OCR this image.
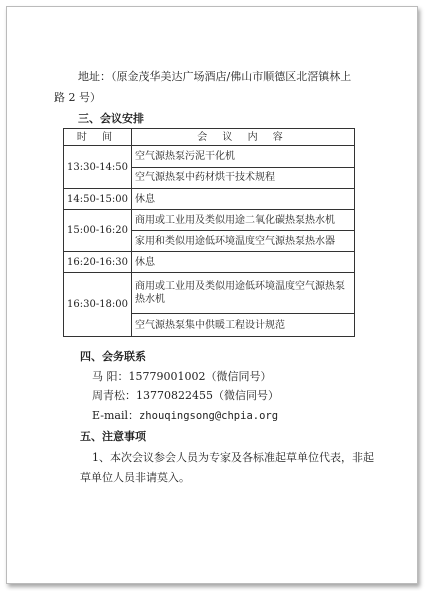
地址：（原金茂华美达广场酒店/佛山市顺德区北滘镇林上
路 2 号）
三、会议安排
时 间	会 议 内 容
13:30-14:50	空气源热泵污泥干化机
	空气源热泵中药材烘干技术规程
14:50-15:00	休息
15:00-16:20	商用或工业用及类似用途二氧化碳热泵热水机
	家用和类似用途低环境温度空气源热泵热水器
16:20-16:30	休息
16:30-18:00	商用或工业用及类似用途低环境温度空气源热泵热水机
	空气源热泵集中供暖工程设计规范
四、会务联系
马 阳：15779001002（微信同号）
周青松：13770822455（微信同号）
E-mail：zhouqingsong@chpia.org
五、注意事项
1、本次会议参会人员为专家及各标准起草单位代表，非起
草单位人员非请莫入。
